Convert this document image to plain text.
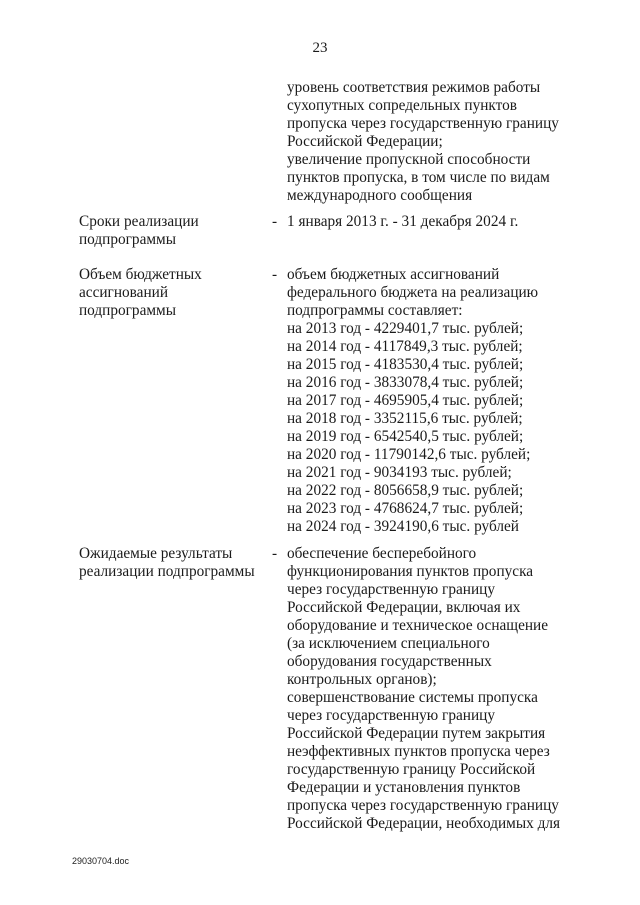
23
уровень соответствия режимов работы
сухопутных сопредельных пунктов
пропуска через государственную границу
Российской Федерации;
увеличение пропускной способности
пунктов пропуска, в том числе по видам
международного сообщения
Сроки реализации
подпрограммы
- 1 января 2013 г. - 31 декабря 2024 г.
Объем бюджетных
ассигнований
подпрограммы
- объем бюджетных ассигнований
федерального бюджета на реализацию
подпрограммы составляет:
на 2013 год - 4229401,7 тыс. рублей;
на 2014 год - 4117849,3 тыс. рублей;
на 2015 год - 4183530,4 тыс. рублей;
на 2016 год - 3833078,4 тыс. рублей;
на 2017 год - 4695905,4 тыс. рублей;
на 2018 год - 3352115,6 тыс. рублей;
на 2019 год - 6542540,5 тыс. рублей;
на 2020 год - 11790142,6 тыс. рублей;
на 2021 год - 9034193 тыс. рублей;
на 2022 год - 8056658,9 тыс. рублей;
на 2023 год - 4768624,7 тыс. рублей;
на 2024 год - 3924190,6 тыс. рублей
Ожидаемые результаты
реализации подпрограммы
- обеспечение бесперебойного
функционирования пунктов пропуска
через государственную границу
Российской Федерации, включая их
оборудование и техническое оснащение
(за исключением специального
оборудования государственных
контрольных органов);
совершенствование системы пропуска
через государственную границу
Российской Федерации путем закрытия
неэффективных пунктов пропуска через
государственную границу Российской
Федерации и установления пунктов
пропуска через государственную границу
Российской Федерации, необходимых для
29030704.doc
